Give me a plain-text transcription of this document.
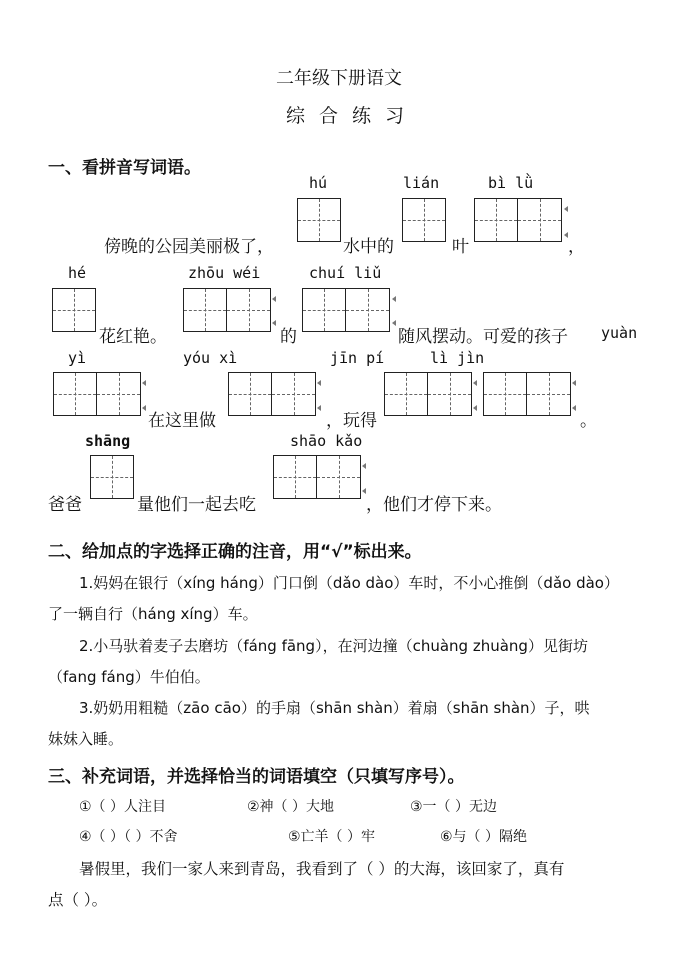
二年级下册语文
综合练习
一、看拼音写词语。
hú	lián	bì lǜ
傍晚的公园美丽极了，	水中的	叶	，
hé	zhōu wéi	chuí liǔ
花红艳。	的	随风摆动。可爱的孩子 yuàn
yì	yóu xì	jīn pí	lì jìn
在这里做	，玩得	。
shāng	shāo kǎo
爸爸	量他们一起去吃	，他们才停下来。
二、给加点的字选择正确的注音，用“√”标出来。
1.妈妈在银行（xíng háng）门口倒（dǎo dào）车时，不小心推倒（dǎo dào）
了一辆自行（háng xíng）车。
2.小马驮着麦子去磨坊（fáng fāng），在河边撞（chuàng zhuàng）见街坊
（fang fáng）牛伯伯。
3.奶奶用粗糙（zāo cāo）的手扇（shān shàn）着扇（shān shàn）子，哄
妹妹入睡。
三、补充词语，并选择恰当的词语填空（只填写序号）。
①（ ）人注目	②神（ ）大地	③一（ ）无边
④（ ）（ ）不舍	⑤亡羊（ ）牢	⑥与（ ）隔绝
暑假里，我们一家人来到青岛，我看到了（ ）的大海，该回家了，真有
点（ ）。
